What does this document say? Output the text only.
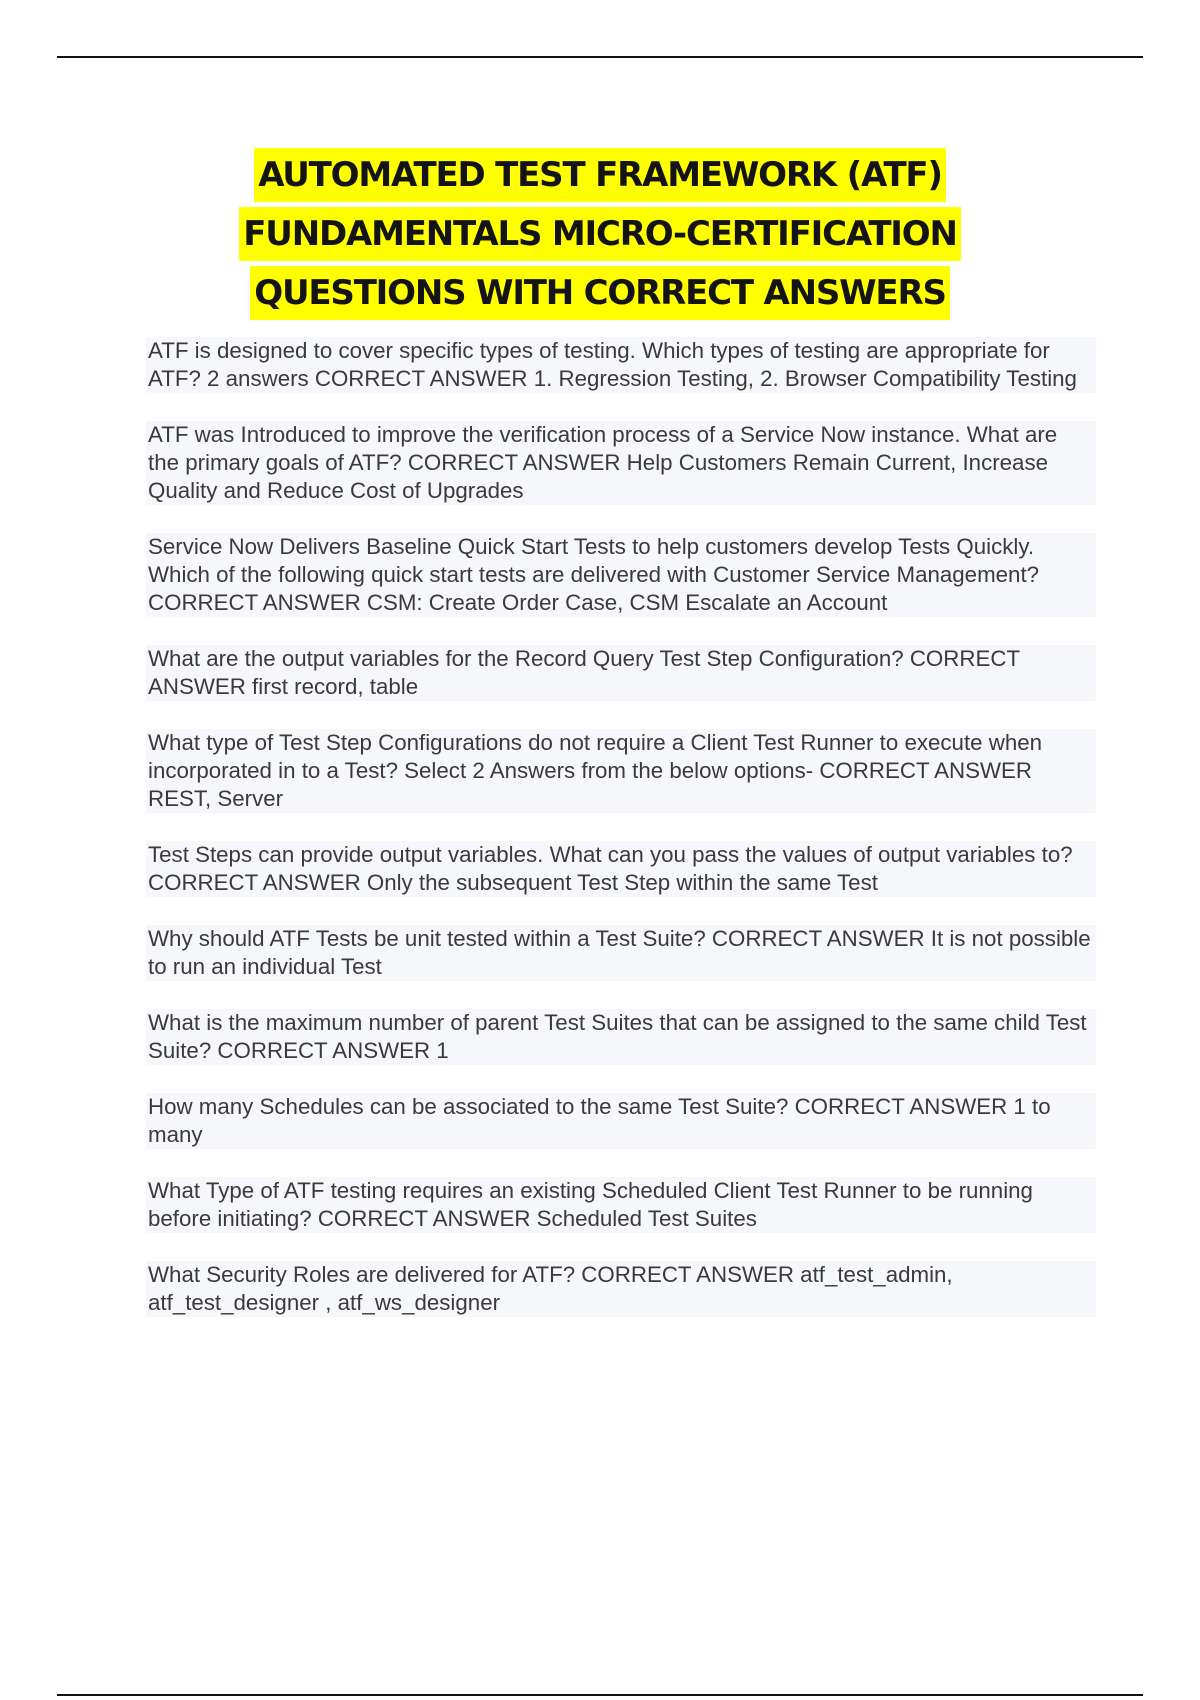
AUTOMATED TEST FRAMEWORK (ATF)
FUNDAMENTALS MICRO-CERTIFICATION
QUESTIONS WITH CORRECT ANSWERS
ATF is designed to cover specific types of testing. Which types of testing are appropriate for ATF? 2 answers CORRECT ANSWER 1. Regression Testing, 2. Browser Compatibility Testing
ATF was Introduced to improve the verification process of a Service Now instance. What are the primary goals of ATF? CORRECT ANSWER Help Customers Remain Current, Increase Quality and Reduce Cost of Upgrades
Service Now Delivers Baseline Quick Start Tests to help customers develop Tests Quickly. Which of the following quick start tests are delivered with Customer Service Management? CORRECT ANSWER CSM: Create Order Case, CSM Escalate an Account
What are the output variables for the Record Query Test Step Configuration? CORRECT ANSWER first record, table
What type of Test Step Configurations do not require a Client Test Runner to execute when incorporated in to a Test? Select 2 Answers from the below options- CORRECT ANSWER REST, Server
Test Steps can provide output variables. What can you pass the values of output variables to? CORRECT ANSWER Only the subsequent Test Step within the same Test
Why should ATF Tests be unit tested within a Test Suite? CORRECT ANSWER It is not possible to run an individual Test
What is the maximum number of parent Test Suites that can be assigned to the same child Test Suite? CORRECT ANSWER 1
How many Schedules can be associated to the same Test Suite? CORRECT ANSWER 1 to many
What Type of ATF testing requires an existing Scheduled Client Test Runner to be running before initiating? CORRECT ANSWER Scheduled Test Suites
What Security Roles are delivered for ATF? CORRECT ANSWER atf_test_admin, atf_test_designer , atf_ws_designer
